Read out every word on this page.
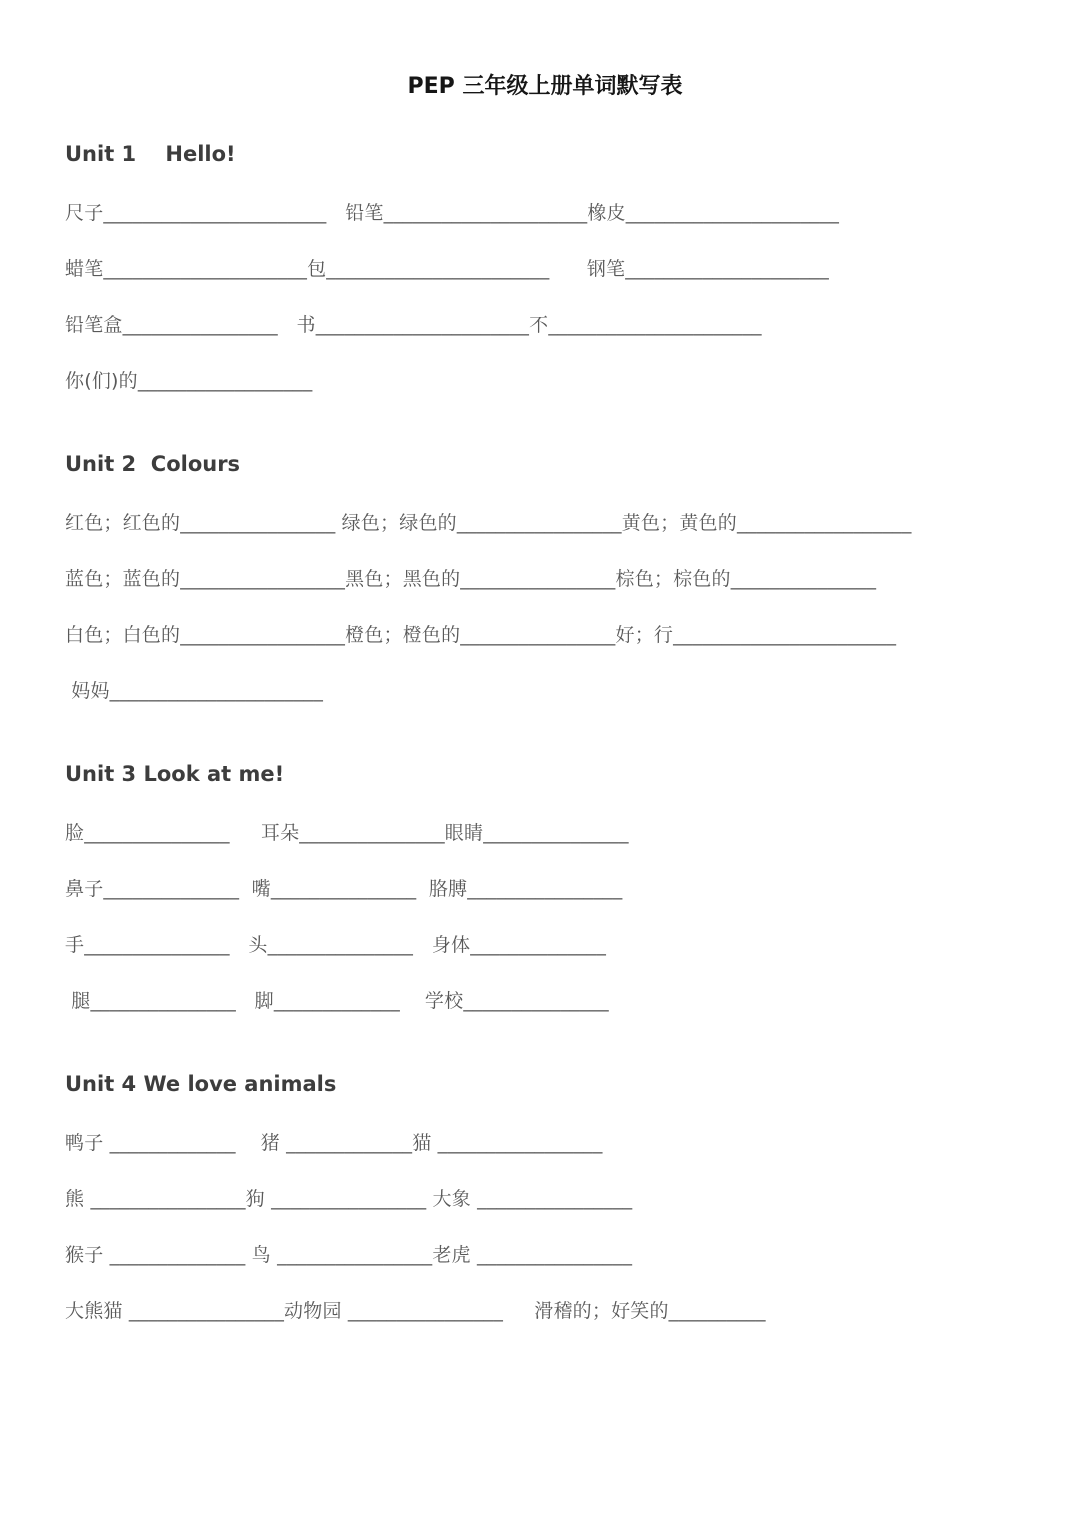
PEP 三年级上册单词默写表
Unit 1    Hello!

尺子_______________________   铅笔_____________________橡皮______________________

蜡笔_____________________包_______________________      钢笔_____________________

铅笔盒________________   书______________________不______________________

你(们)的__________________

Unit 2  Colours

红色；红色的________________ 绿色；绿色的_________________黄色；黄色的__________________

蓝色；蓝色的_________________黑色；黑色的________________棕色；棕色的_______________

白色；白色的_________________橙色；橙色的________________好；行_______________________

妈妈______________________

Unit 3 Look at me!

脸_______________     耳朵_______________眼睛_______________

鼻子______________  嘴_______________  胳膊________________

手_______________   头_______________   身体______________

腿_______________   脚_____________    学校_______________

Unit 4 We love animals

鸭子 _____________    猪 _____________猫 _________________

熊 ________________狗 ________________ 大象 ________________

猴子 ______________ 鸟 ________________老虎 ________________

大熊猫 ________________动物园 ________________     滑稽的；好笑的__________
